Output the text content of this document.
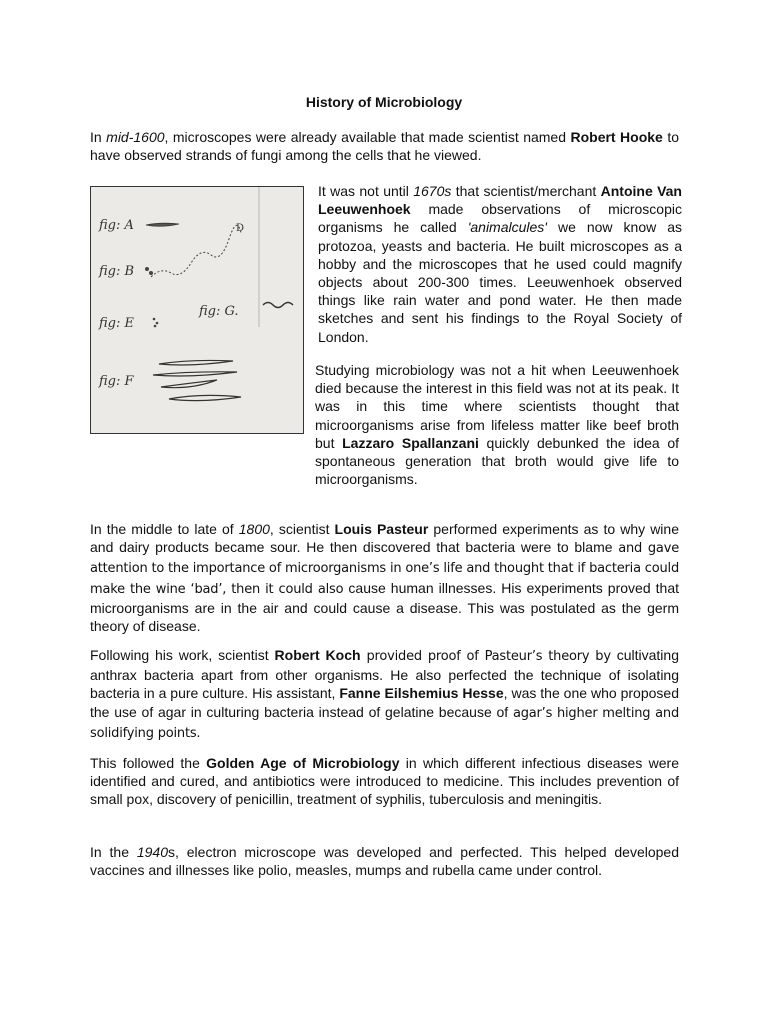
History of Microbiology

In mid-1600, microscopes were already available that made scientist named Robert Hooke to have observed strands of fungi among the cells that he viewed.

fig: A	D
fig: B
fig: G.
fig: E
fig: F

It was not until 1670s that scientist/merchant Antoine Van Leeuwenhoek made observations of microscopic organisms he called 'animalcules' we now know as protozoa, yeasts and bacteria. He built microscopes as a hobby and the microscopes that he used could magnify objects about 200-300 times. Leeuwenhoek observed things like rain water and pond water. He then made sketches and sent his findings to the Royal Society of London.

Studying microbiology was not a hit when Leeuwenhoek died because the interest in this field was not at its peak. It was in this time where scientists thought that microorganisms arise from lifeless matter like beef broth but Lazzaro Spallanzani quickly debunked the idea of spontaneous generation that broth would give life to microorganisms.

In the middle to late of 1800, scientist Louis Pasteur performed experiments as to why wine and dairy products became sour. He then discovered that bacteria were to blame and gave attention to the importance of microorganisms in one’s life and thought that if bacteria could make the wine ‘bad’, then it could also cause human illnesses. His experiments proved that microorganisms are in the air and could cause a disease. This was postulated as the germ theory of disease.

Following his work, scientist Robert Koch provided proof of Pasteur’s theory by cultivating anthrax bacteria apart from other organisms. He also perfected the technique of isolating bacteria in a pure culture. His assistant, Fanne Eilshemius Hesse, was the one who proposed the use of agar in culturing bacteria instead of gelatine because of agar’s higher melting and solidifying points.

This followed the Golden Age of Microbiology in which different infectious diseases were identified and cured, and antibiotics were introduced to medicine. This includes prevention of small pox, discovery of penicillin, treatment of syphilis, tuberculosis and meningitis.

In the 1940s, electron microscope was developed and perfected. This helped developed vaccines and illnesses like polio, measles, mumps and rubella came under control.
